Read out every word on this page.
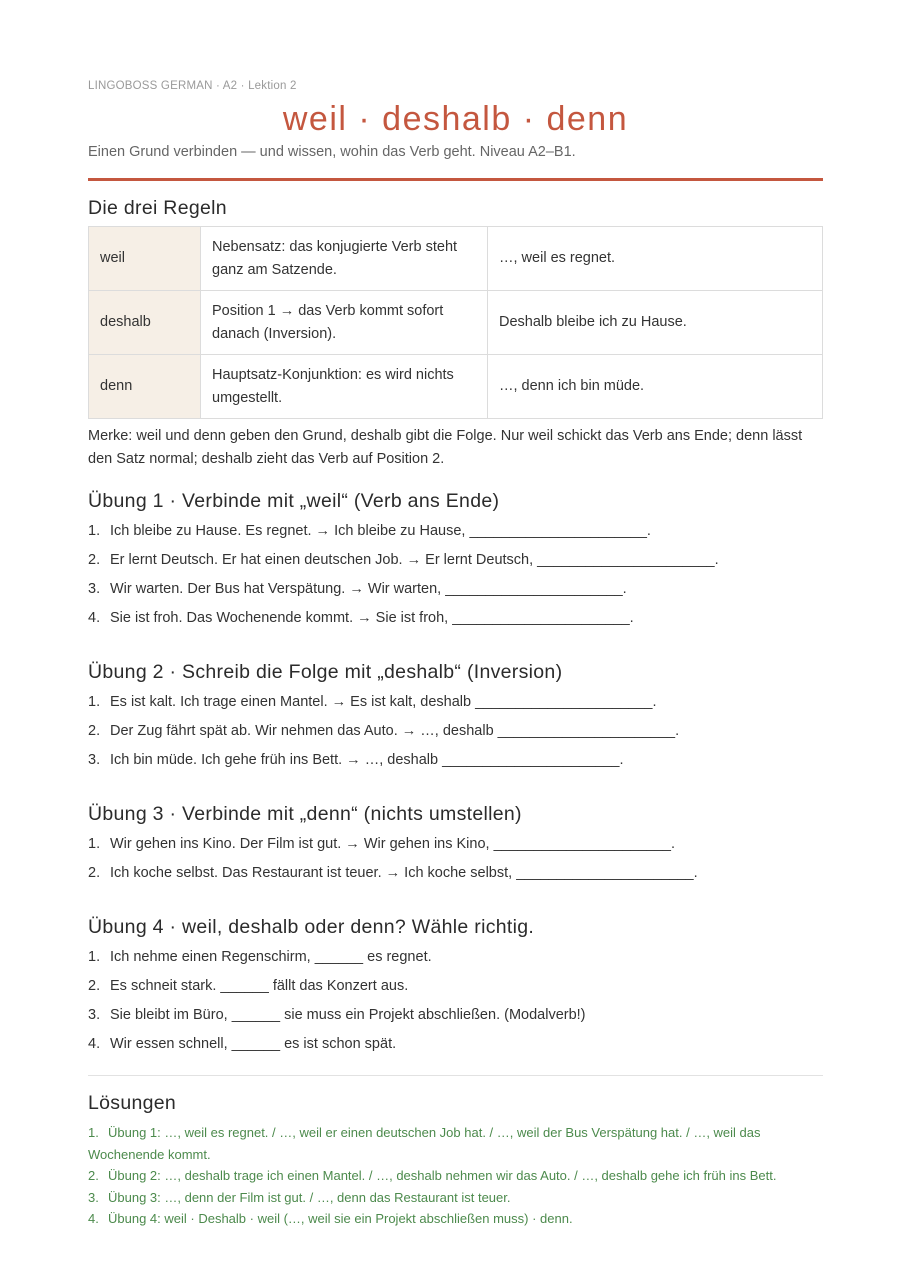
LINGOBOSS GERMAN · A2 · Lektion 2
weil · deshalb · denn
Einen Grund verbinden — und wissen, wohin das Verb geht. Niveau A2–B1.
Die drei Regeln
weil	Nebensatz: das konjugierte Verb steht ganz am Satzende.	…, weil es regnet.
deshalb	Position 1 → das Verb kommt sofort danach (Inversion).	Deshalb bleibe ich zu Hause.
denn	Hauptsatz-Konjunktion: es wird nichts umgestellt.	…, denn ich bin müde.
Merke: weil und denn geben den Grund, deshalb gibt die Folge. Nur weil schickt das Verb ans Ende; denn lässt den Satz normal; deshalb zieht das Verb auf Position 2.
Übung 1 · Verbinde mit „weil“ (Verb ans Ende)
1. Ich bleibe zu Hause. Es regnet. → Ich bleibe zu Hause, ______________________.
2. Er lernt Deutsch. Er hat einen deutschen Job. → Er lernt Deutsch, ______________________.
3. Wir warten. Der Bus hat Verspätung. → Wir warten, ______________________.
4. Sie ist froh. Das Wochenende kommt. → Sie ist froh, ______________________.
Übung 2 · Schreib die Folge mit „deshalb“ (Inversion)
1. Es ist kalt. Ich trage einen Mantel. → Es ist kalt, deshalb ______________________.
2. Der Zug fährt spät ab. Wir nehmen das Auto. → …, deshalb ______________________.
3. Ich bin müde. Ich gehe früh ins Bett. → …, deshalb ______________________.
Übung 3 · Verbinde mit „denn“ (nichts umstellen)
1. Wir gehen ins Kino. Der Film ist gut. → Wir gehen ins Kino, ______________________.
2. Ich koche selbst. Das Restaurant ist teuer. → Ich koche selbst, ______________________.
Übung 4 · weil, deshalb oder denn? Wähle richtig.
1. Ich nehme einen Regenschirm, ______ es regnet.
2. Es schneit stark. ______ fällt das Konzert aus.
3. Sie bleibt im Büro, ______ sie muss ein Projekt abschließen. (Modalverb!)
4. Wir essen schnell, ______ es ist schon spät.
Lösungen
1. Übung 1: …, weil es regnet. / …, weil er einen deutschen Job hat. / …, weil der Bus Verspätung hat. / …, weil das Wochenende kommt.
2. Übung 2: …, deshalb trage ich einen Mantel. / …, deshalb nehmen wir das Auto. / …, deshalb gehe ich früh ins Bett.
3. Übung 3: …, denn der Film ist gut. / …, denn das Restaurant ist teuer.
4. Übung 4: weil · Deshalb · weil (…, weil sie ein Projekt abschließen muss) · denn.
